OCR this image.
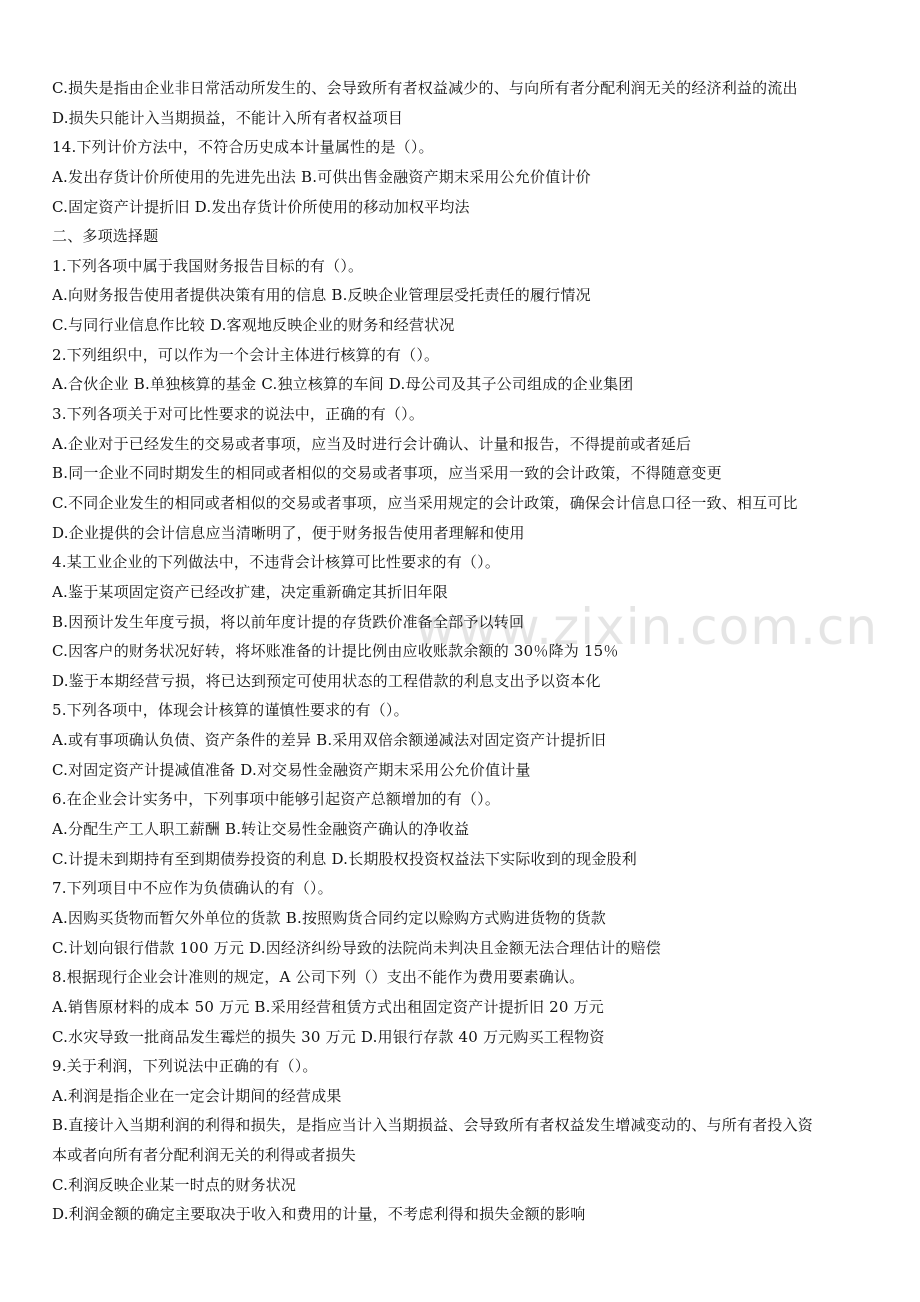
C.损失是指由企业非日常活动所发生的、会导致所有者权益减少的、与向所有者分配利润无关的经济利益的流出
D.损失只能计入当期损益，不能计入所有者权益项目
14.下列计价方法中，不符合历史成本计量属性的是（）。
A.发出存货计价所使用的先进先出法 B.可供出售金融资产期末采用公允价值计价
C.固定资产计提折旧 D.发出存货计价所使用的移动加权平均法
二、多项选择题
1.下列各项中属于我国财务报告目标的有（）。
A.向财务报告使用者提供决策有用的信息 B.反映企业管理层受托责任的履行情况
C.与同行业信息作比较 D.客观地反映企业的财务和经营状况
2.下列组织中，可以作为一个会计主体进行核算的有（）。
A.合伙企业 B.单独核算的基金 C.独立核算的车间 D.母公司及其子公司组成的企业集团
3.下列各项关于对可比性要求的说法中，正确的有（）。
A.企业对于已经发生的交易或者事项，应当及时进行会计确认、计量和报告，不得提前或者延后
B.同一企业不同时期发生的相同或者相似的交易或者事项，应当采用一致的会计政策，不得随意变更
C.不同企业发生的相同或者相似的交易或者事项，应当采用规定的会计政策，确保会计信息口径一致、相互可比
D.企业提供的会计信息应当清晰明了，便于财务报告使用者理解和使用
4.某工业企业的下列做法中，不违背会计核算可比性要求的有（）。
A.鉴于某项固定资产已经改扩建，决定重新确定其折旧年限
B.因预计发生年度亏损，将以前年度计提的存货跌价准备全部予以转回
C.因客户的财务状况好转，将坏账准备的计提比例由应收账款余额的 30％降为 15％
D.鉴于本期经营亏损，将已达到预定可使用状态的工程借款的利息支出予以资本化
5.下列各项中，体现会计核算的谨慎性要求的有（）。
A.或有事项确认负债、资产条件的差异 B.采用双倍余额递减法对固定资产计提折旧
C.对固定资产计提减值准备 D.对交易性金融资产期末采用公允价值计量
6.在企业会计实务中，下列事项中能够引起资产总额增加的有（）。
A.分配生产工人职工薪酬 B.转让交易性金融资产确认的净收益
C.计提未到期持有至到期债券投资的利息 D.长期股权投资权益法下实际收到的现金股利
7.下列项目中不应作为负债确认的有（）。
A.因购买货物而暂欠外单位的货款 B.按照购货合同约定以赊购方式购进货物的货款
C.计划向银行借款 100 万元 D.因经济纠纷导致的法院尚未判决且金额无法合理估计的赔偿
8.根据现行企业会计准则的规定，A 公司下列（）支出不能作为费用要素确认。
A.销售原材料的成本 50 万元 B.采用经营租赁方式出租固定资产计提折旧 20 万元
C.水灾导致一批商品发生霉烂的损失 30 万元 D.用银行存款 40 万元购买工程物资
9.关于利润，下列说法中正确的有（）。
A.利润是指企业在一定会计期间的经营成果
B.直接计入当期利润的利得和损失，是指应当计入当期损益、会导致所有者权益发生增减变动的、与所有者投入资
本或者向所有者分配利润无关的利得或者损失
C.利润反映企业某一时点的财务状况
D.利润金额的确定主要取决于收入和费用的计量，不考虑利得和损失金额的影响
www.zixin.com.cn
